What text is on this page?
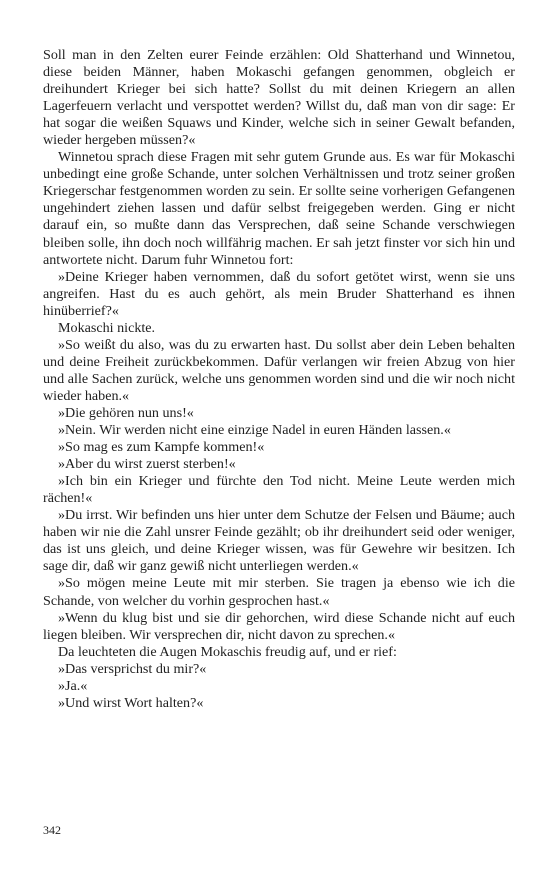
Soll man in den Zelten eurer Feinde erzählen: Old Shatterhand und Winnetou, diese beiden Männer, haben Mokaschi gefangen genommen, obgleich er dreihundert Krieger bei sich hatte? Sollst du mit deinen Kriegern an allen Lagerfeuern verlacht und verspottet werden? Willst du, daß man von dir sage: Er hat sogar die weißen Squaws und Kinder, welche sich in seiner Gewalt befanden, wieder hergeben müssen?«

Winnetou sprach diese Fragen mit sehr gutem Grunde aus. Es war für Mokaschi unbedingt eine große Schande, unter solchen Verhältnissen und trotz seiner großen Kriegerschar festgenommen worden zu sein. Er sollte seine vorherigen Gefangenen ungehindert ziehen lassen und dafür selbst freigegeben werden. Ging er nicht darauf ein, so mußte dann das Versprechen, daß seine Schande verschwiegen bleiben solle, ihn doch noch willfährig machen. Er sah jetzt finster vor sich hin und antwortete nicht. Darum fuhr Winnetou fort:

»Deine Krieger haben vernommen, daß du sofort getötet wirst, wenn sie uns angreifen. Hast du es auch gehört, als mein Bruder Shatterhand es ihnen hinüberrief?«

Mokaschi nickte.

»So weißt du also, was du zu erwarten hast. Du sollst aber dein Leben behalten und deine Freiheit zurückbekommen. Dafür verlangen wir freien Abzug von hier und alle Sachen zurück, welche uns genommen worden sind und die wir noch nicht wieder haben.«

»Die gehören nun uns!«

»Nein. Wir werden nicht eine einzige Nadel in euren Händen lassen.«

»So mag es zum Kampfe kommen!«

»Aber du wirst zuerst sterben!«

»Ich bin ein Krieger und fürchte den Tod nicht. Meine Leute werden mich rächen!«

»Du irrst. Wir befinden uns hier unter dem Schutze der Felsen und Bäume; auch haben wir nie die Zahl unsrer Feinde gezählt; ob ihr dreihundert seid oder weniger, das ist uns gleich, und deine Krieger wissen, was für Gewehre wir besitzen. Ich sage dir, daß wir ganz gewiß nicht unterliegen werden.«

»So mögen meine Leute mit mir sterben. Sie tragen ja ebenso wie ich die Schande, von welcher du vorhin gesprochen hast.«

»Wenn du klug bist und sie dir gehorchen, wird diese Schande nicht auf euch liegen bleiben. Wir versprechen dir, nicht davon zu sprechen.«

Da leuchteten die Augen Mokaschis freudig auf, und er rief:

»Das versprichst du mir?«

»Ja.«

»Und wirst Wort halten?«

342
